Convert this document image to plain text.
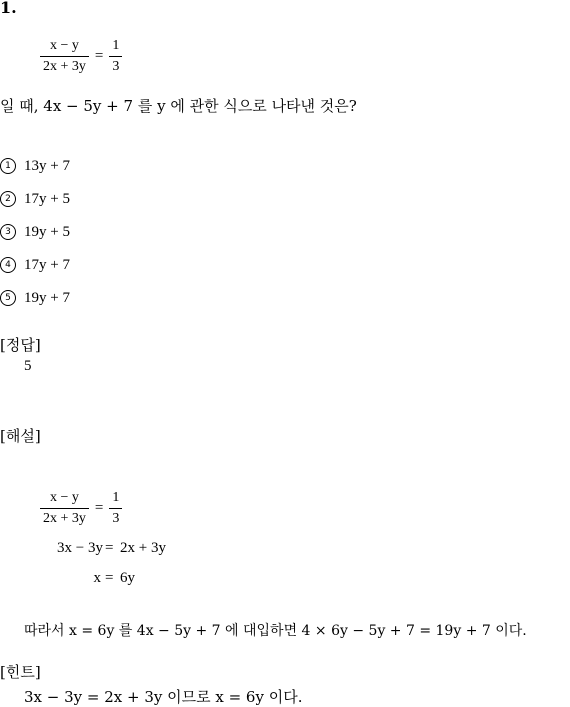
1.
$\frac{x - y}{2x + 3y} = \frac{1}{3}$
일 때, 4x − 5y + 7 를 y 에 관한 식으로 나타낸 것은?
1 13y + 7
2 17y + 5
3 19y + 5
4 17y + 7
5 19y + 7
[정답]
5
[해설]
$\frac{x - y}{2x + 3y} = \frac{1}{3}$
3x − 3y = 2x + 3y
x = 6y
따라서 x = 6y 를 4x − 5y + 7 에 대입하면 4 × 6y − 5y + 7 = 19y + 7 이다.
[힌트]
3x − 3y = 2x + 3y 이므로 x = 6y 이다.
